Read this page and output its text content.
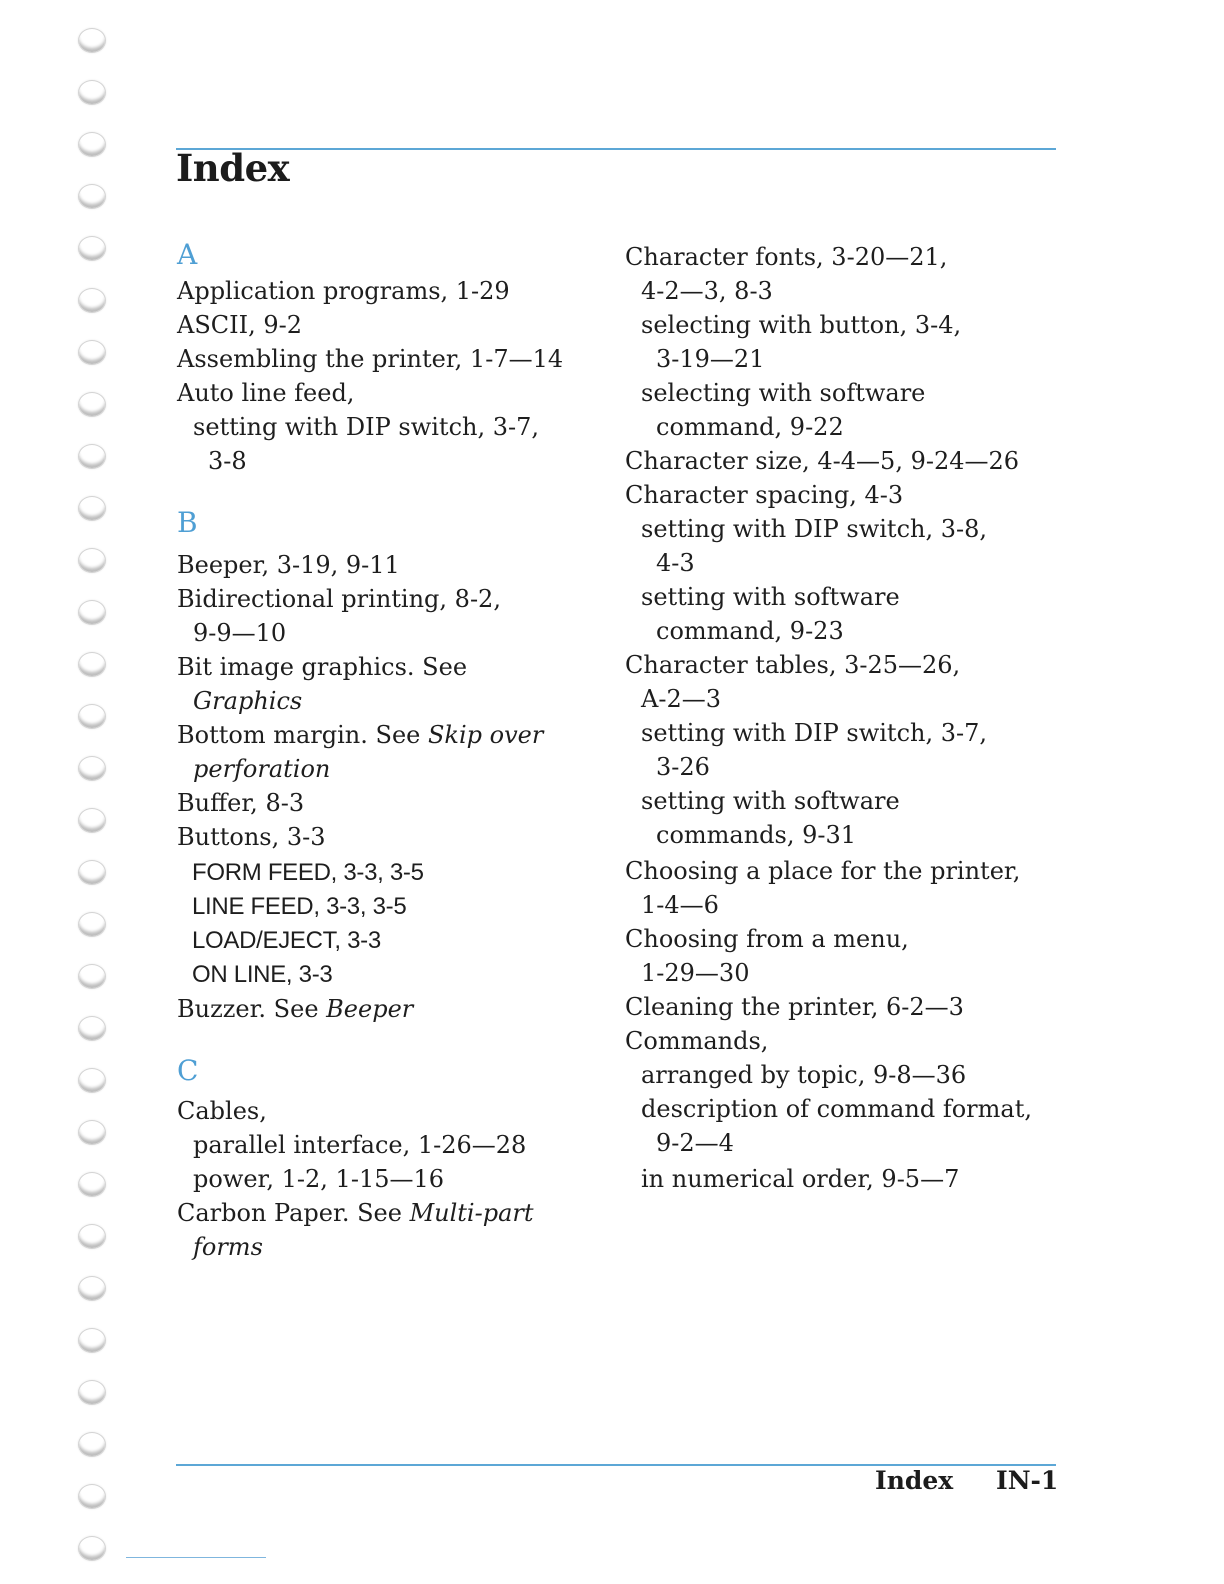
Index
A
Application programs, 1-29
ASCII, 9-2
Assembling the printer, 1-7—14
Auto line feed,
setting with DIP switch, 3-7,
3-8
B
Beeper, 3-19, 9-11
Bidirectional printing, 8-2,
9-9—10
Bit image graphics. See
Graphics
Bottom margin. See Skip over
perforation
Buffer, 8-3
Buttons, 3-3
FORM FEED, 3-3, 3-5
LINE FEED, 3-3, 3-5
LOAD/EJECT, 3-3
ON LINE, 3-3
Buzzer. See Beeper
C
Cables,
parallel interface, 1-26—28
power, 1-2, 1-15—16
Carbon Paper. See Multi-part
forms
Character fonts, 3-20—21,
4-2—3, 8-3
selecting with button, 3-4,
3-19—21
selecting with software
command, 9-22
Character size, 4-4—5, 9-24—26
Character spacing, 4-3
setting with DIP switch, 3-8,
4-3
setting with software
command, 9-23
Character tables, 3-25—26,
A-2—3
setting with DIP switch, 3-7,
3-26
setting with software
commands, 9-31
Choosing a place for the printer,
1-4—6
Choosing from a menu,
1-29—30
Cleaning the printer, 6-2—3
Commands,
arranged by topic, 9-8—36
description of command format,
9-2—4
in numerical order, 9-5—7
Index IN-1
